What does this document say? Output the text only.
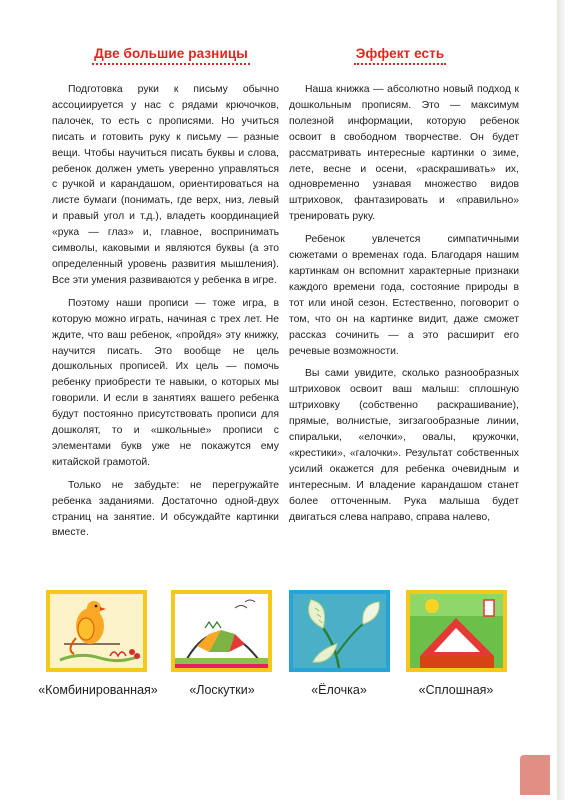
Две большие разницы	Эффект есть

Подготовка руки к письму обычно ассоциируется у нас с рядами крючочков, палочек, то есть с прописями. Но учиться писать и готовить руку к письму — разные вещи. Чтобы научиться писать буквы и слова, ребенок должен уметь уверенно управляться с ручкой и карандашом, ориентироваться на листе бумаги (понимать, где верх, низ, левый и правый угол и т.д.), владеть координацией «рука — глаз» и, главное, воспринимать символы, каковыми и являются буквы (а это определенный уровень развития мышления). Все эти умения развиваются у ребенка в игре.

Поэтому наши прописи — тоже игра, в которую можно играть, начиная с трех лет. Не ждите, что ваш ребенок, «пройдя» эту книжку, научится писать. Это вообще не цель дошкольных прописей. Их цель — помочь ребенку приобрести те навыки, о которых мы говорили. И если в занятиях вашего ребенка будут постоянно присутствовать прописи для дошколят, то и «школьные» прописи с элементами букв уже не покажутся ему китайской грамотой.

Только не забудьте: не перегружайте ребенка заданиями. Достаточно одной-двух страниц на занятие. И обсуждайте картинки вместе.

Наша книжка — абсолютно новый подход к дошкольным прописям. Это — максимум полезной информации, которую ребенок освоит в свободном творчестве. Он будет рассматривать интересные картинки о зиме, лете, весне и осени, «раскрашивать» их, одновременно узнавая множество видов штриховок, фантазировать и «правильно» тренировать руку.

Ребенок увлечется симпатичными сюжетами о временах года. Благодаря нашим картинкам он вспомнит характерные признаки каждого времени года, состояние природы в тот или иной сезон. Естественно, поговорит о том, что он на картинке видит, даже сможет рассказ сочинить — а это расширит его речевые возможности.

Вы сами увидите, сколько разнообразных штриховок освоит ваш малыш: сплошную штриховку (собственно раскрашивание), прямые, волнистые, зигзагообразные линии, спиральки, «елочки», овалы, кружочки, «крестики», «галочки». Результат собственных усилий окажется для ребенка очевидным и интересным. И владение карандашом станет более отточенным. Рука малыша будет двигаться слева направо, справа налево,

«Комбинированная»	«Лоскутки»	«Ёлочка»	«Сплошная»
